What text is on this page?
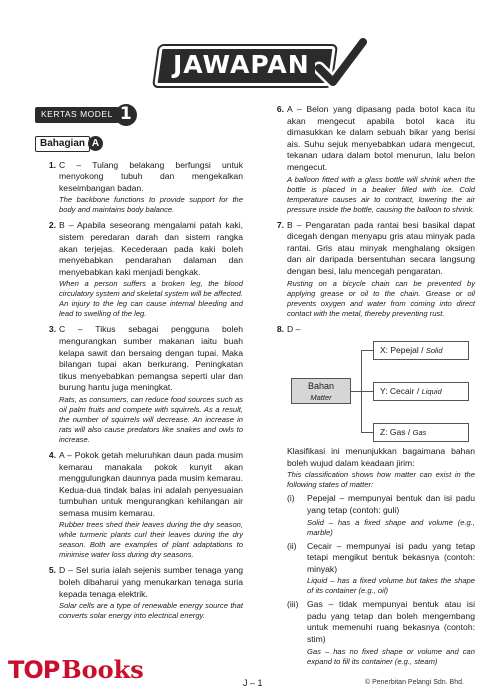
JAWAPAN
KERTAS MODEL 1
Bahagian A
1. C – Tulang belakang berfungsi untuk menyokong tubuh dan mengekalkan keseimbangan badan.
The backbone functions to provide support for the body and maintains body balance.
2. B – Apabila seseorang mengalami patah kaki, sistem peredaran darah dan sistem rangka akan terjejas. Kecederaan pada kaki boleh menyebabkan pendarahan dalaman dan menyebabkan kaki menjadi bengkak.
When a person suffers a broken leg, the blood circulatory system and skeletal system will be affected. An injury to the leg can cause internal bleeding and lead to swelling of the leg.
3. C – Tikus sebagai pengguna boleh mengurangkan sumber makanan iaitu buah kelapa sawit dan bersaing dengan tupai. Maka bilangan tupai akan berkurang. Peningkatan tikus menyebabkan pemangsa seperti ular dan burung hantu juga meningkat.
Rats, as consumers, can reduce food sources such as oil palm fruits and compete with squirrels. As a result, the number of squirrels will decrease. An increase in rats will also cause predators like snakes and owls to increase.
4. A – Pokok getah meluruhkan daun pada musim kemarau manakala pokok kunyit akan menggulungkan daunnya pada musim kemarau. Kedua-dua tindak balas ini adalah penyesuaian tumbuhan untuk mengurangkan kehilangan air semasa musim kemarau.
Rubber trees shed their leaves during the dry season, while turmeric plants curl their leaves during the dry season. Both are examples of plant adaptations to minimise water loss during dry seasons.
5. D – Sel suria ialah sejenis sumber tenaga yang boleh dibaharui yang menukarkan tenaga suria kepada tenaga elektrik.
Solar cells are a type of renewable energy source that converts solar energy into electrical energy.
6. A – Belon yang dipasang pada botol kaca itu akan mengecut apabila botol kaca itu dimasukkan ke dalam sebuah bikar yang berisi ais. Suhu sejuk menyebabkan udara mengecut, tekanan udara dalam botol menurun, lalu belon mengecut.
A balloon fitted with a glass bottle will shrink when the bottle is placed in a beaker filled with ice. Cold temperature causes air to contract, lowering the air pressure inside the bottle, causing the balloon to shrink.
7. B – Pengaratan pada rantai besi basikal dapat dicegah dengan menyapu gris atau minyak pada rantai. Gris atau minyak menghalang oksigen dan air daripada bersentuhan secara langsung dengan besi, lalu mencegah pengaratan.
Rusting on a bicycle chain can be prevented by applying grease or oil to the chain. Grease or oil prevents oxygen and water from coming into direct contact with the metal, thereby preventing rust.
8. D –
Bahan
Matter
X: Pepejal / Solid
Y: Cecair / Liquid
Z: Gas / Gas
Klasifikasi ini menunjukkan bagaimana bahan boleh wujud dalam keadaan jirim:
This classification shows how matter can exist in the following states of matter:
(i)	Pepejal – mempunyai bentuk dan isi padu yang tetap (contoh: guli)
Solid – has a fixed shape and volume (e.g., marble)
(ii)	Cecair – mempunyai isi padu yang tetap tetapi mengikut bentuk bekasnya (contoh: minyak)
Liquid – has a fixed volume but takes the shape of its container (e.g., oil)
(iii) Gas – tidak mempunyai bentuk atau isi padu yang tetap dan boleh mengembang untuk memenuhi ruang bekasnya (contoh: stim)
Gas – has no fixed shape or volume and can expand to fill its container (e.g., steam)
TOP Books	J – 1	© Penerbitan Pelangi Sdn. Bhd.
